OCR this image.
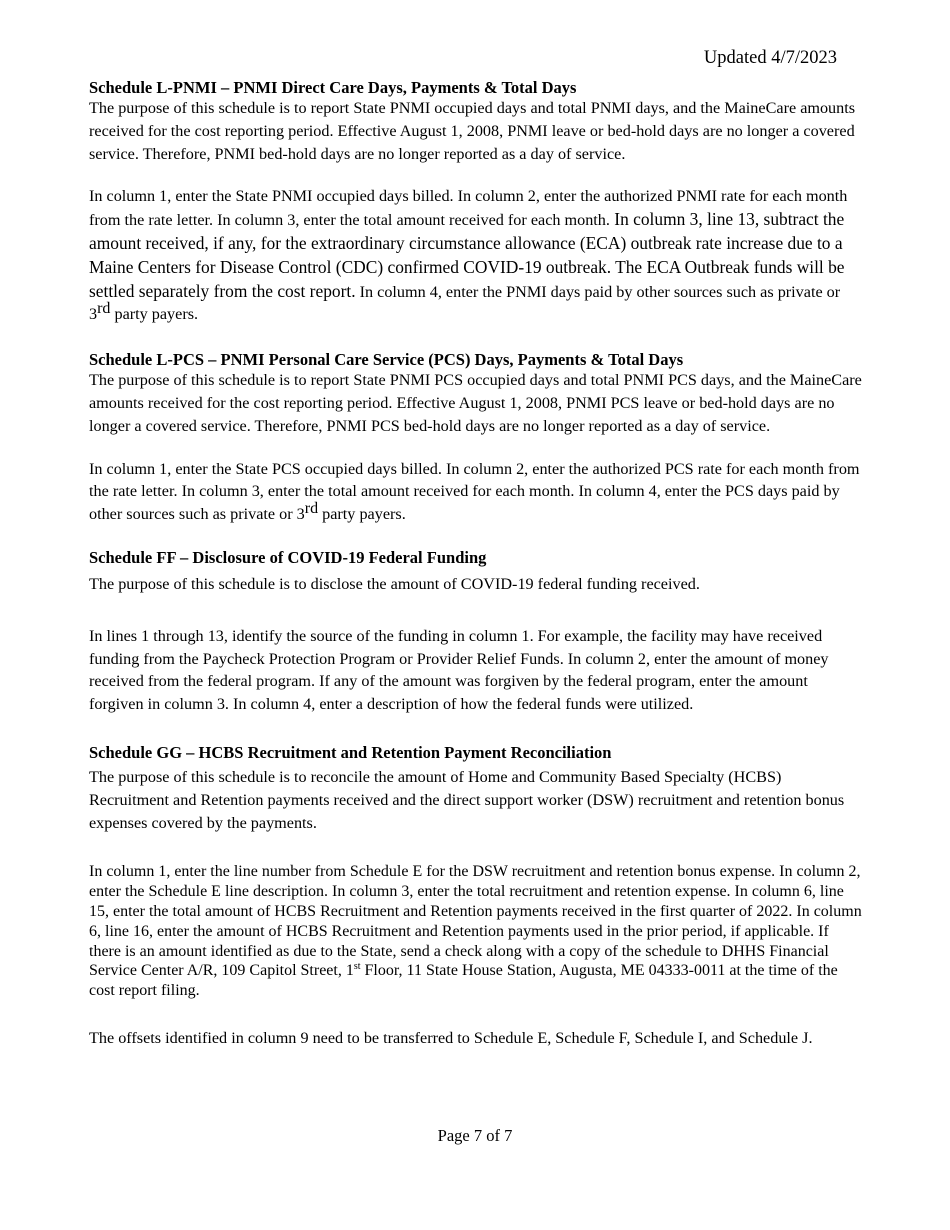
Updated 4/7/2023

Schedule L-PNMI – PNMI Direct Care Days, Payments & Total Days

The purpose of this schedule is to report State PNMI occupied days and total PNMI days, and the MaineCare amounts received for the cost reporting period. Effective August 1, 2008, PNMI leave or bed-hold days are no longer a covered service. Therefore, PNMI bed-hold days are no longer reported as a day of service.

In column 1, enter the State PNMI occupied days billed. In column 2, enter the authorized PNMI rate for each month from the rate letter. In column 3, enter the total amount received for each month. In column 3, line 13, subtract the amount received, if any, for the extraordinary circumstance allowance (ECA) outbreak rate increase due to a Maine Centers for Disease Control (CDC) confirmed COVID-19 outbreak. The ECA Outbreak funds will be settled separately from the cost report. In column 4, enter the PNMI days paid by other sources such as private or 3rd party payers.

Schedule L-PCS – PNMI Personal Care Service (PCS) Days, Payments & Total Days

The purpose of this schedule is to report State PNMI PCS occupied days and total PNMI PCS days, and the MaineCare amounts received for the cost reporting period. Effective August 1, 2008, PNMI PCS leave or bed-hold days are no longer a covered service. Therefore, PNMI PCS bed-hold days are no longer reported as a day of service.

In column 1, enter the State PCS occupied days billed. In column 2, enter the authorized PCS rate for each month from the rate letter. In column 3, enter the total amount received for each month. In column 4, enter the PCS days paid by other sources such as private or 3rd party payers.

Schedule FF – Disclosure of COVID-19 Federal Funding

The purpose of this schedule is to disclose the amount of COVID-19 federal funding received.

In lines 1 through 13, identify the source of the funding in column 1. For example, the facility may have received funding from the Paycheck Protection Program or Provider Relief Funds. In column 2, enter the amount of money received from the federal program. If any of the amount was forgiven by the federal program, enter the amount forgiven in column 3. In column 4, enter a description of how the federal funds were utilized.

Schedule GG – HCBS Recruitment and Retention Payment Reconciliation

The purpose of this schedule is to reconcile the amount of Home and Community Based Specialty (HCBS) Recruitment and Retention payments received and the direct support worker (DSW) recruitment and retention bonus expenses covered by the payments.

In column 1, enter the line number from Schedule E for the DSW recruitment and retention bonus expense. In column 2, enter the Schedule E line description. In column 3, enter the total recruitment and retention expense. In column 6, line 15, enter the total amount of HCBS Recruitment and Retention payments received in the first quarter of 2022. In column 6, line 16, enter the amount of HCBS Recruitment and Retention payments used in the prior period, if applicable. If there is an amount identified as due to the State, send a check along with a copy of the schedule to DHHS Financial Service Center A/R, 109 Capitol Street, 1st Floor, 11 State House Station, Augusta, ME 04333-0011 at the time of the cost report filing.

The offsets identified in column 9 need to be transferred to Schedule E, Schedule F, Schedule I, and Schedule J.

Page 7 of 7
